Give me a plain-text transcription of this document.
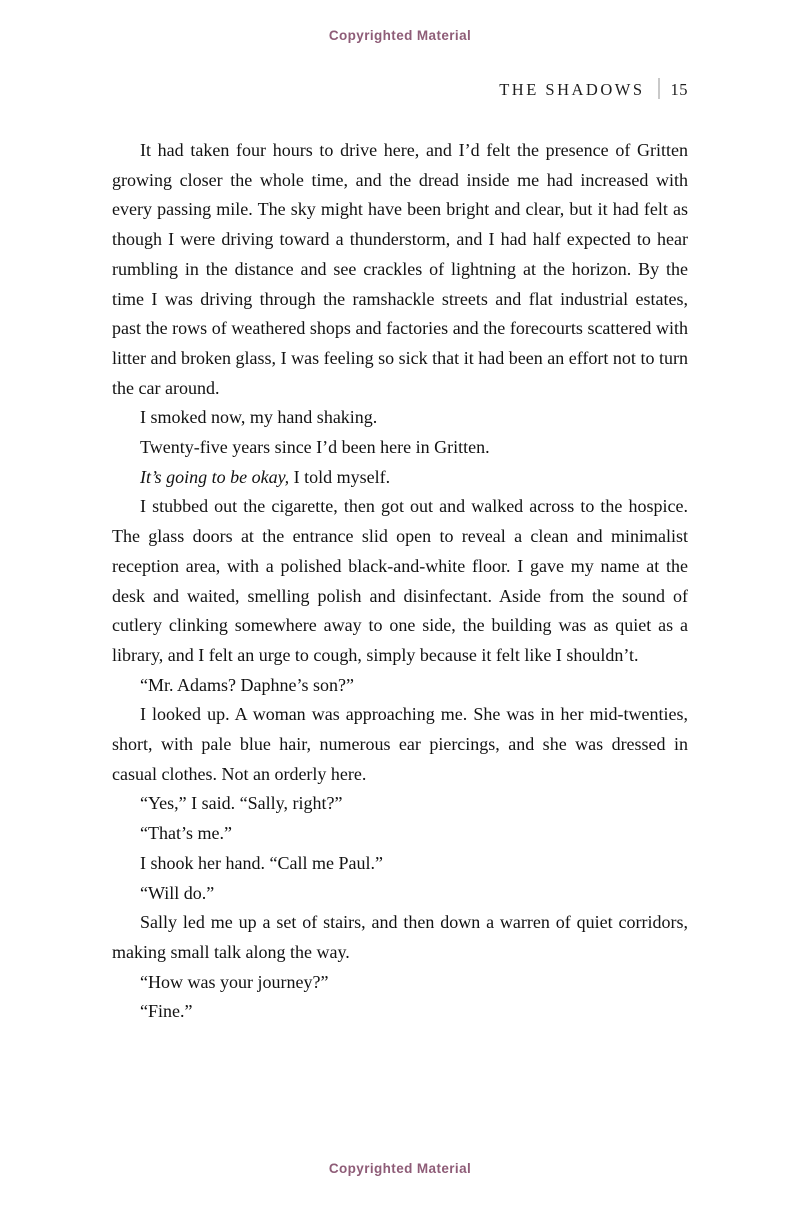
Copyrighted Material
THE SHADOWS 15

It had taken four hours to drive here, and I’d felt the presence of Gritten growing closer the whole time, and the dread inside me had increased with every passing mile. The sky might have been bright and clear, but it had felt as though I were driving toward a thunderstorm, and I had half expected to hear rumbling in the distance and see crackles of lightning at the horizon. By the time I was driving through the ramshackle streets and flat industrial estates, past the rows of weathered shops and factories and the forecourts scattered with litter and broken glass, I was feeling so sick that it had been an effort not to turn the car around.

I smoked now, my hand shaking.

Twenty-five years since I’d been here in Gritten.

It’s going to be okay, I told myself.

I stubbed out the cigarette, then got out and walked across to the hospice. The glass doors at the entrance slid open to reveal a clean and minimalist reception area, with a polished black-and-white floor. I gave my name at the desk and waited, smelling polish and disinfectant. Aside from the sound of cutlery clinking somewhere away to one side, the building was as quiet as a library, and I felt an urge to cough, simply because it felt like I shouldn’t.

“Mr. Adams? Daphne’s son?”

I looked up. A woman was approaching me. She was in her mid-twenties, short, with pale blue hair, numerous ear piercings, and she was dressed in casual clothes. Not an orderly here.

“Yes,” I said. “Sally, right?”

“That’s me.”

I shook her hand. “Call me Paul.”

“Will do.”

Sally led me up a set of stairs, and then down a warren of quiet corridors, making small talk along the way.

“How was your journey?”

“Fine.”

Copyrighted Material
